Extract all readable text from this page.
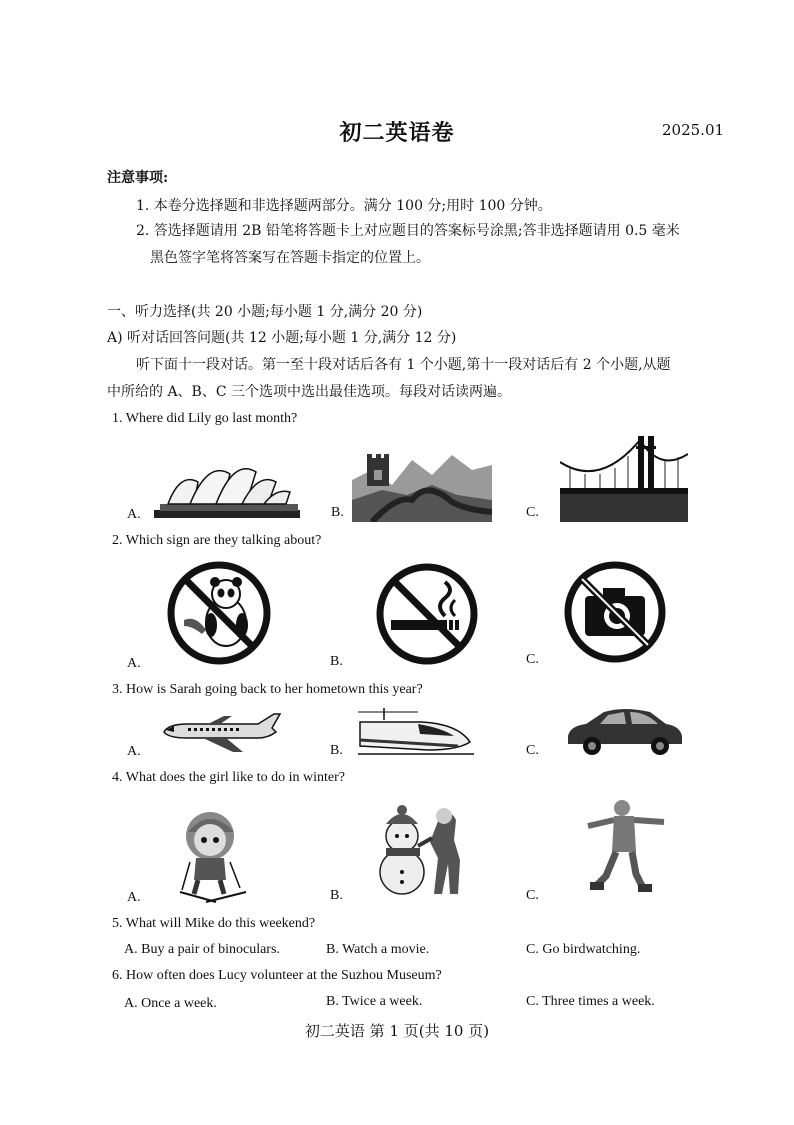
初二英语卷	2025.01
注意事项:
1. 本卷分选择题和非选择题两部分。满分 100 分;用时 100 分钟。
2. 答选择题请用 2B 铅笔将答题卡上对应题目的答案标号涂黑;答非选择题请用 0.5 毫米
黑色签字笔将答案写在答题卡指定的位置上。
一、听力选择(共 20 小题;每小题 1 分,满分 20 分)
A) 听对话回答问题(共 12 小题;每小题 1 分,满分 12 分)
听下面十一段对话。第一至十段对话后各有 1 个小题,第十一段对话后有 2 个小题,从题
中所给的 A、B、C 三个选项中选出最佳选项。每段对话读两遍。
1. Where did Lily go last month?
A.	B.	C.
2. Which sign are they talking about?
A.	B.	C.
3. How is Sarah going back to her hometown this year?
A.	B.	C.
4. What does the girl like to do in winter?
A.	B.	C.
5. What will Mike do this weekend?
A. Buy a pair of binoculars.	B. Watch a movie.	C. Go birdwatching.
6. How often does Lucy volunteer at the Suzhou Museum?
A. Once a week.	B. Twice a week.	C. Three times a week.
初二英语 第 1 页(共 10 页)
